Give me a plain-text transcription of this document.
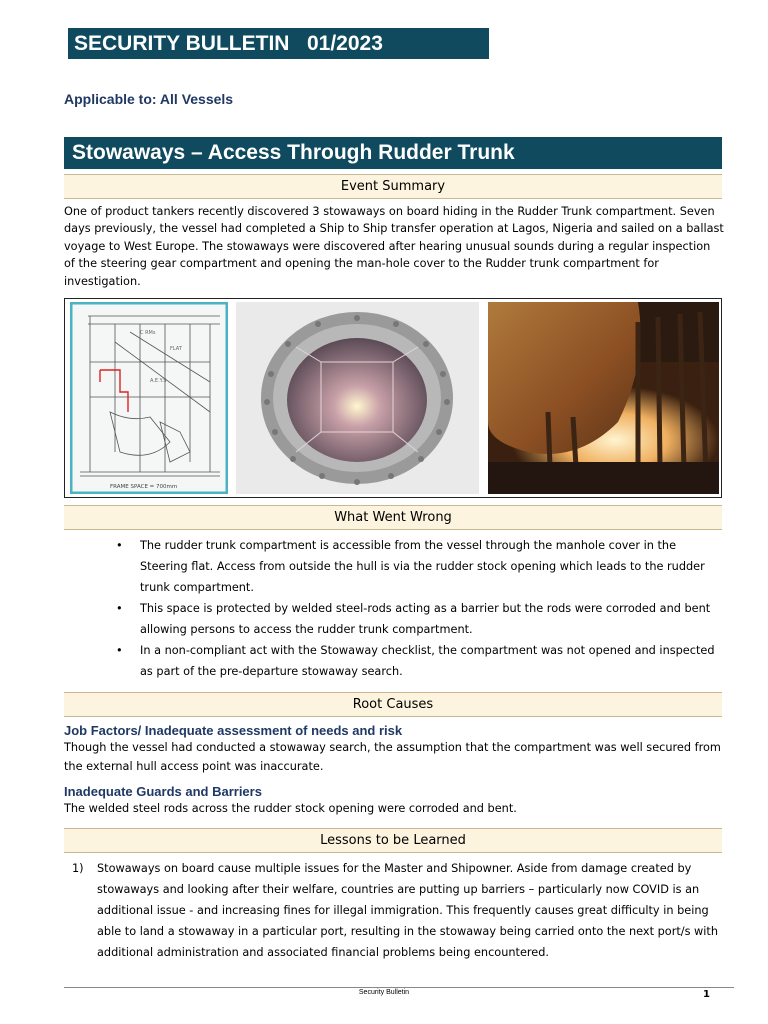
SECURITY BULLETIN   01/2023
Applicable to: All Vessels
Stowaways – Access Through Rudder Trunk
Event Summary
One of product tankers recently discovered 3 stowaways on board hiding in the Rudder Trunk compartment. Seven days previously, the vessel had completed a Ship to Ship transfer operation at Lagos, Nigeria and sailed on a ballast voyage to West Europe. The stowaways were discovered after hearing unusual sounds during a regular inspection of the steering gear compartment and opening the man-hole cover to the Rudder trunk compartment for investigation.
C RMs
FLAT
A.E.Y.S
FRAME SPACE = 700mm
What Went Wrong
• The rudder trunk compartment is accessible from the vessel through the manhole cover in the Steering flat. Access from outside the hull is via the rudder stock opening which leads to the rudder trunk compartment.
• This space is protected by welded steel-rods acting as a barrier but the rods were corroded and bent allowing persons to access the rudder trunk compartment.
• In a non-compliant act with the Stowaway checklist, the compartment was not opened and inspected as part of the pre-departure stowaway search.
Root Causes
Job Factors/ Inadequate assessment of needs and risk
Though the vessel had conducted a stowaway search, the assumption that the compartment was well secured from the external hull access point was inaccurate.
Inadequate Guards and Barriers
The welded steel rods across the rudder stock opening were corroded and bent.
Lessons to be Learned
1) Stowaways on board cause multiple issues for the Master and Shipowner. Aside from damage created by stowaways and looking after their welfare, countries are putting up barriers – particularly now COVID is an additional issue - and increasing fines for illegal immigration. This frequently causes great difficulty in being able to land a stowaway in a particular port, resulting in the stowaway being carried onto the next port/s with additional administration and associated financial problems being encountered.
Security Bulletin	1
